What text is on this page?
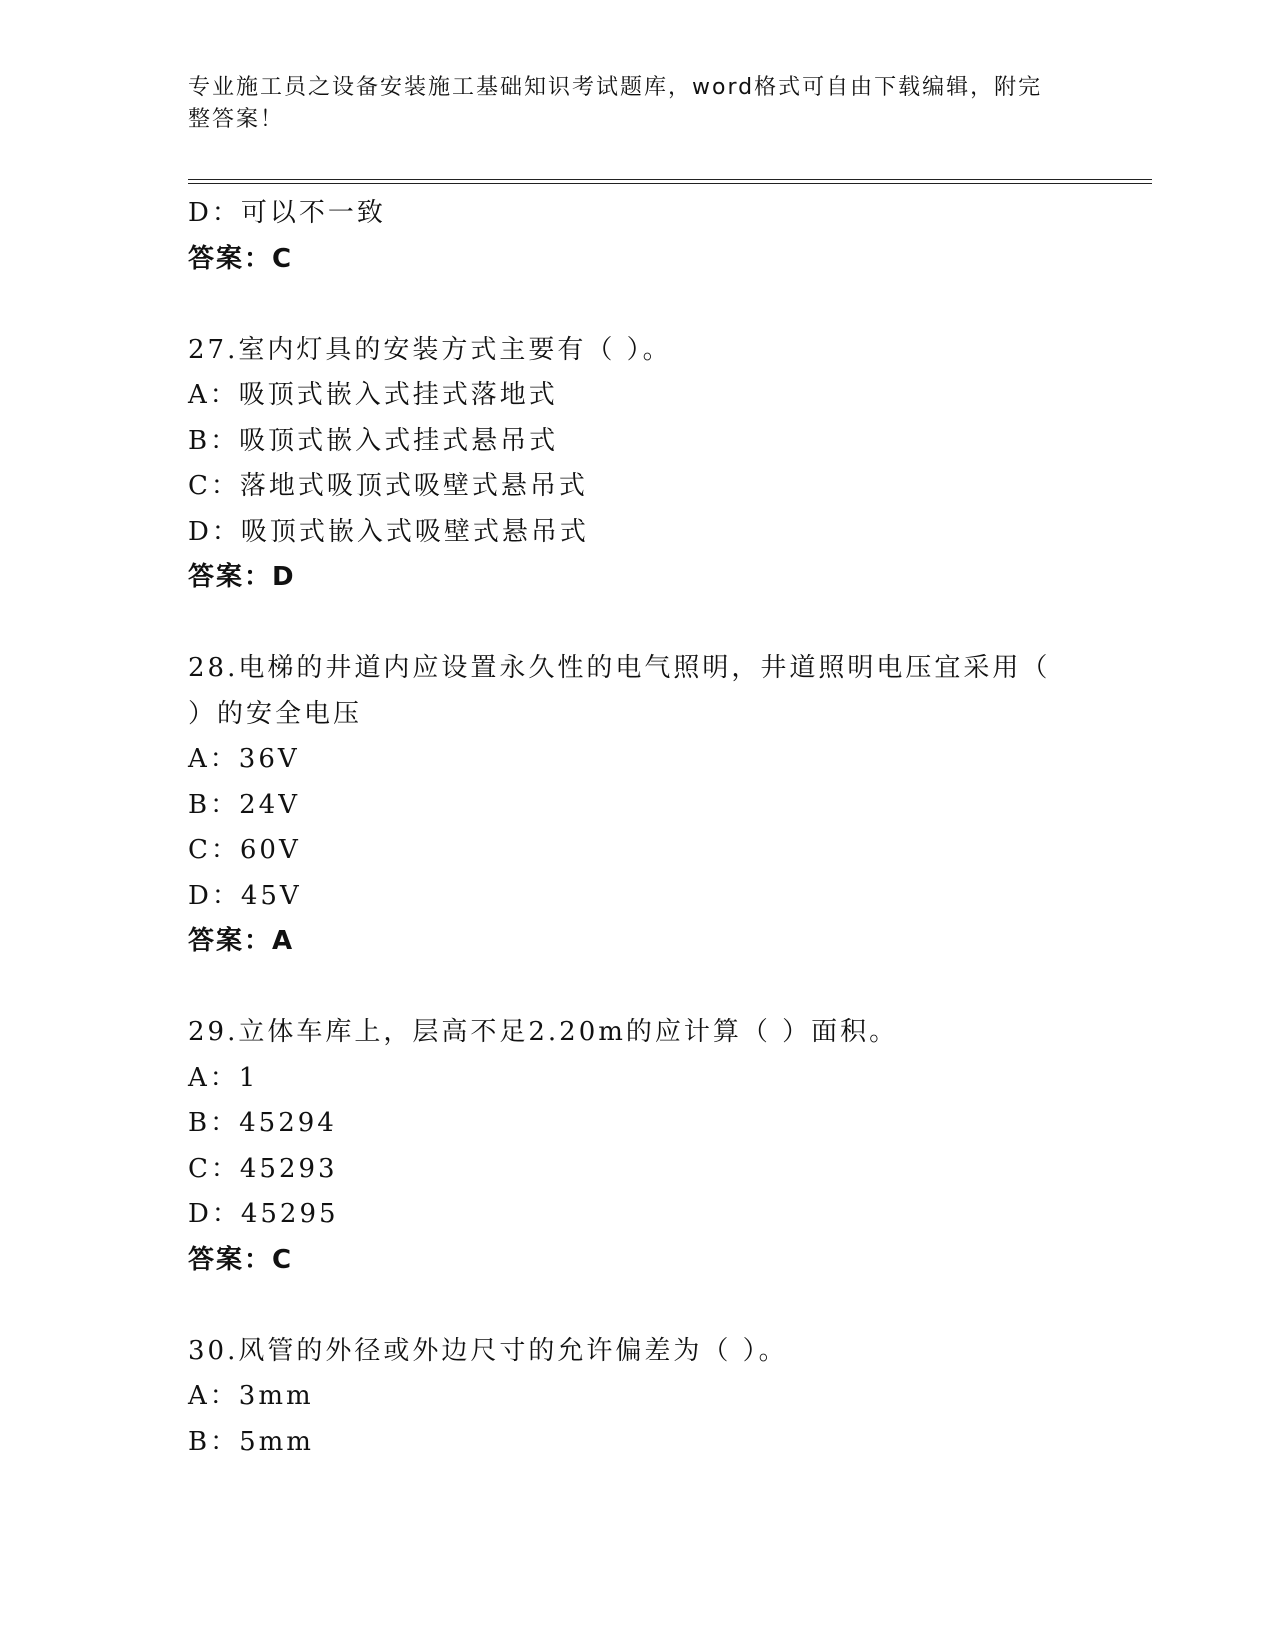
专业施工员之设备安装施工基础知识考试题库，word格式可自由下载编辑，附完
整答案！
D：可以不一致
答案：C
27.室内灯具的安装方式主要有（ ）。
A：吸顶式嵌入式挂式落地式
B：吸顶式嵌入式挂式悬吊式
C：落地式吸顶式吸壁式悬吊式
D：吸顶式嵌入式吸壁式悬吊式
答案：D
28.电梯的井道内应设置永久性的电气照明，井道照明电压宜采用（
）的安全电压
A：36V
B：24V
C：60V
D：45V
答案：A
29.立体车库上，层高不足2.20m的应计算（ ）面积。
A：1
B：45294
C：45293
D：45295
答案：C
30.风管的外径或外边尺寸的允许偏差为（ ）。
A：3mm
B：5mm
